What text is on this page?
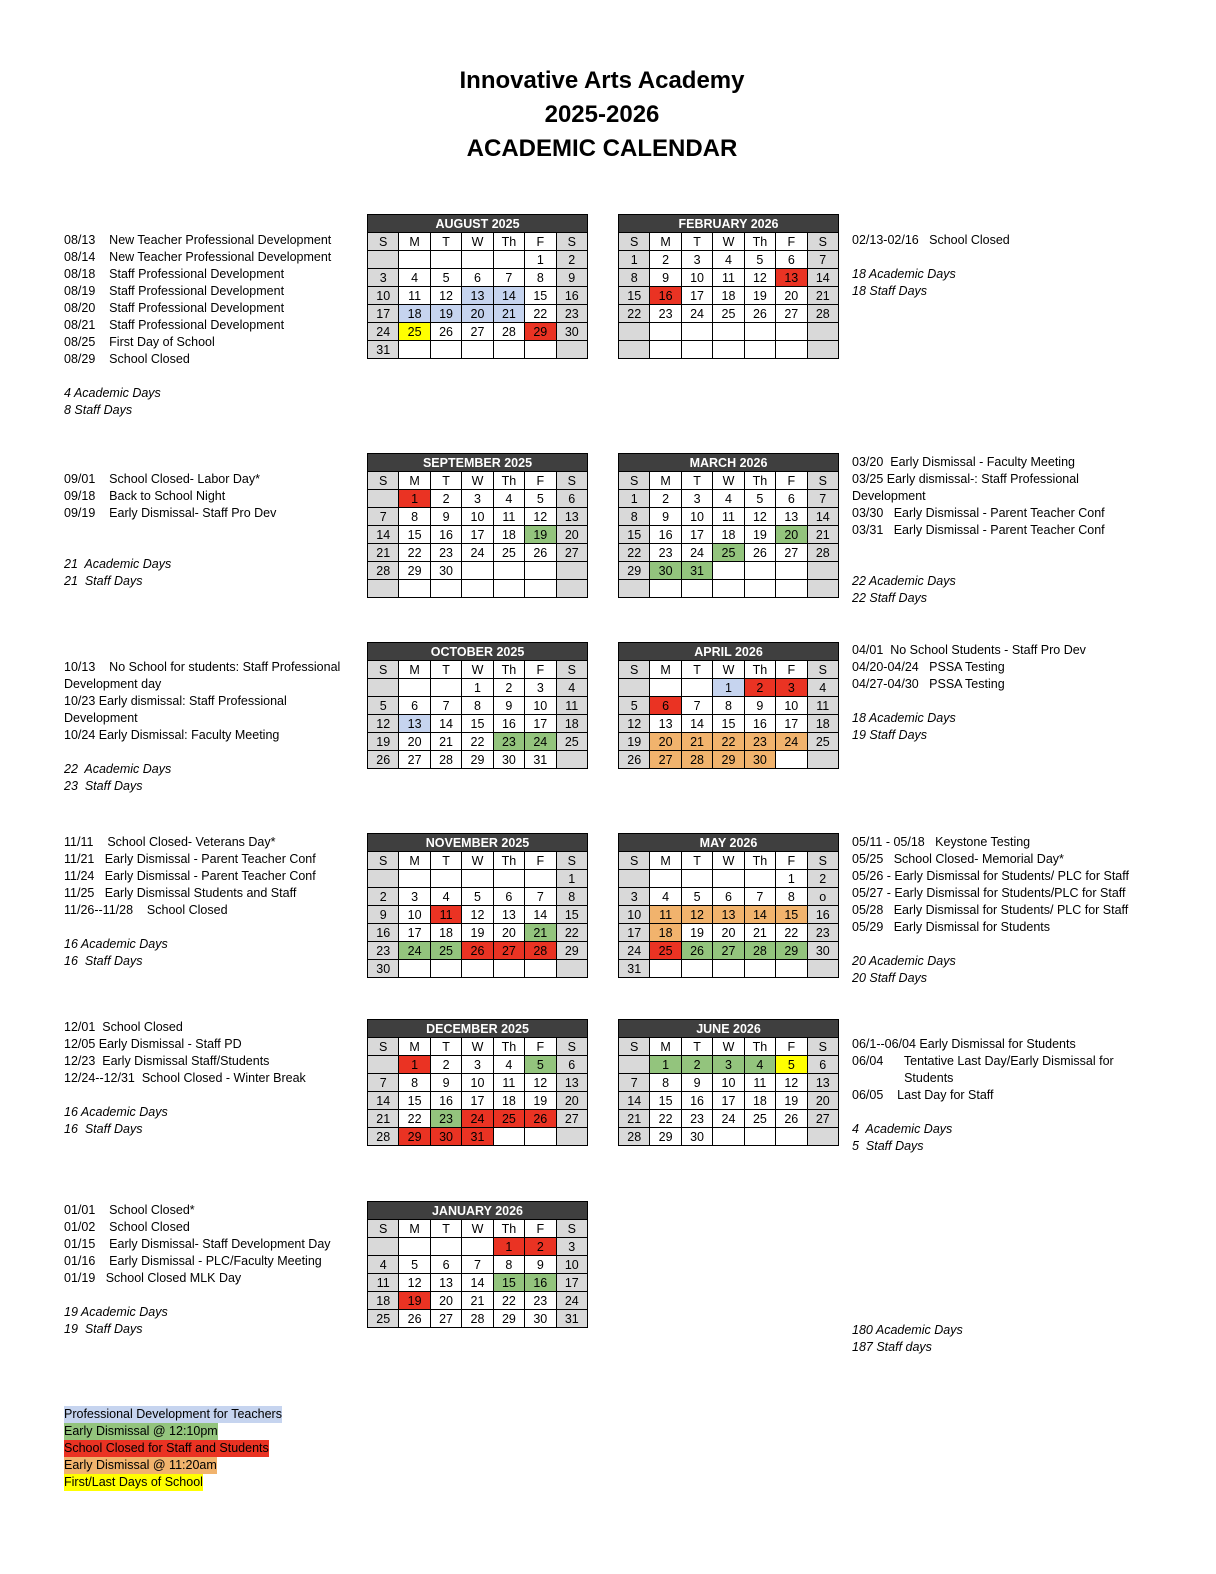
Innovative Arts Academy
2025-2026
ACADEMIC CALENDAR
AUGUST 2025						
S	M	T	W	Th	F	S
					1	2
3	4	5	6	7	8	9
10	11	12	13	14	15	16
17	18	19	20	21	22	23
24	25	26	27	28	29	30
31						
SEPTEMBER 2025						
S	M	T	W	Th	F	S
	1	2	3	4	5	6
7	8	9	10	11	12	13
14	15	16	17	18	19	20
21	22	23	24	25	26	27
28	29	30				

OCTOBER 2025						
S	M	T	W	Th	F	S
			1	2	3	4
5	6	7	8	9	10	11
12	13	14	15	16	17	18
19	20	21	22	23	24	25
26	27	28	29	30	31	
NOVEMBER 2025						
S	M	T	W	Th	F	S
						1
2	3	4	5	6	7	8
9	10	11	12	13	14	15
16	17	18	19	20	21	22
23	24	25	26	27	28	29
30						
DECEMBER 2025						
S	M	T	W	Th	F	S
	1	2	3	4	5	6
7	8	9	10	11	12	13
14	15	16	17	18	19	20
21	22	23	24	25	26	27
28	29	30	31			
JANUARY 2026						
S	M	T	W	Th	F	S
				1	2	3
4	5	6	7	8	9	10
11	12	13	14	15	16	17
18	19	20	21	22	23	24
25	26	27	28	29	30	31
FEBRUARY 2026						
S	M	T	W	Th	F	S
1	2	3	4	5	6	7
8	9	10	11	12	13	14
15	16	17	18	19	20	21
22	23	24	25	26	27	28

MARCH 2026						
S	M	T	W	Th	F	S
1	2	3	4	5	6	7
8	9	10	11	12	13	14
15	16	17	18	19	20	21
22	23	24	25	26	27	28
29	30	31				

APRIL 2026						
S	M	T	W	Th	F	S
			1	2	3	4
5	6	7	8	9	10	11
12	13	14	15	16	17	18
19	20	21	22	23	24	25
26	27	28	29	30		
MAY 2026						
S	M	T	W	Th	F	S
					1	2
3	4	5	6	7	8	o
10	11	12	13	14	15	16
17	18	19	20	21	22	23
24	25	26	27	28	29	30
31						
JUNE 2026						
S	M	T	W	Th	F	S
	1	2	3	4	5	6
7	8	9	10	11	12	13
14	15	16	17	18	19	20
21	22	23	24	25	26	27
28	29	30				
08/13    New Teacher Professional Development
08/14    New Teacher Professional Development
08/18    Staff Professional Development
08/19    Staff Professional Development
08/20    Staff Professional Development
08/21    Staff Professional Development
08/25    First Day of School
08/29    School Closed
4 Academic Days
8 Staff Days
09/01    School Closed- Labor Day*
09/18    Back to School Night
09/19    Early Dismissal- Staff Pro Dev
21  Academic Days
21  Staff Days
10/13    No School for students: Staff Professional
Development day
10/23 Early dismissal: Staff Professional
Development
10/24 Early Dismissal: Faculty Meeting
22  Academic Days
23  Staff Days
11/11    School Closed- Veterans Day*
11/21   Early Dismissal - Parent Teacher Conf
11/24   Early Dismissal - Parent Teacher Conf
11/25   Early Dismissal Students and Staff
11/26--11/28    School Closed
16 Academic Days
16  Staff Days
12/01  School Closed
12/05 Early Dismissal - Staff PD
12/23  Early Dismissal Staff/Students
12/24--12/31  School Closed - Winter Break
16 Academic Days
16  Staff Days
01/01    School Closed*
01/02    School Closed
01/15    Early Dismissal- Staff Development Day
01/16    Early Dismissal - PLC/Faculty Meeting
01/19   School Closed MLK Day
19 Academic Days
19  Staff Days
02/13-02/16   School Closed
18 Academic Days
18 Staff Days
03/20  Early Dismissal - Faculty Meeting
03/25 Early dismissal-: Staff Professional
Development
03/30   Early Dismissal - Parent Teacher Conf
03/31   Early Dismissal - Parent Teacher Conf
22 Academic Days
22 Staff Days
04/01  No School Students - Staff Pro Dev
04/20-04/24   PSSA Testing
04/27-04/30   PSSA Testing
18 Academic Days
19 Staff Days
05/11 - 05/18   Keystone Testing
05/25   School Closed- Memorial Day*
05/26 - Early Dismissal for Students/ PLC for Staff
05/27 - Early Dismissal for Students/PLC for Staff
05/28   Early Dismissal for Students/ PLC for Staff
05/29   Early Dismissal for Students
20 Academic Days
20 Staff Days
06/1--06/04 Early Dismissal for Students
06/04      Tentative Last Day/Early Dismissal for
Students
06/05    Last Day for Staff
4  Academic Days
5  Staff Days
180 Academic Days
187 Staff days
Professional Development for Teachers
Early Dismissal @ 12:10pm
School Closed for Staff and Students
Early Dismissal @ 11:20am
First/Last Days of School
